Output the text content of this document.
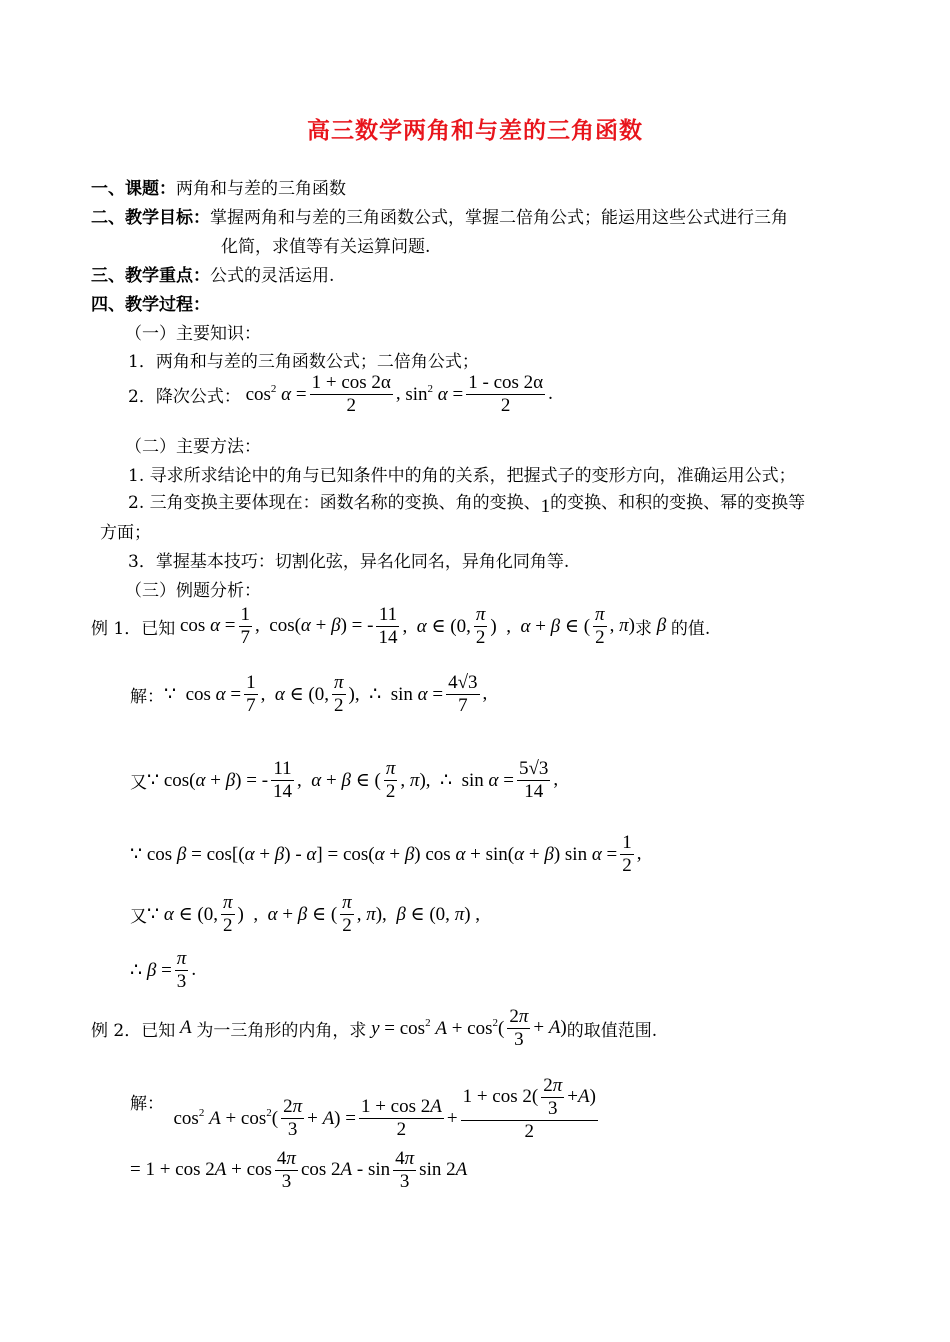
高三数学两角和与差的三角函数
一、课题：两角和与差的三角函数
二、教学目标：掌握两角和与差的三角函数公式，掌握二倍角公式；能运用这些公式进行三角
化简，求值等有关运算问题.
三、教学重点：公式的灵活运用.
四、教学过程：
（一）主要知识：
1．两角和与差的三角函数公式；二倍角公式；
2．降次公式： $\cos^2 \alpha = \frac{1 + \cos 2\alpha}{2}$ , $\sin^2 \alpha = \frac{1 - \cos 2\alpha}{2}$ .
（二）主要方法：
1. 寻求所求结论中的角与已知条件中的角的关系，把握式子的变形方向，准确运用公式；
2. 三角变换主要体现在：函数名称的变换、角的变换、1的变换、和积的变换、幂的变换等
方面；
3．掌握基本技巧：切割化弦，异名化同名，异角化同角等.
（三）例题分析：
例 1．已知 $\cos \alpha = \frac{1}{7}$ ,  cos(α + β) = - $\frac{11}{14}$ ,  α ∈ (0, $\frac{\pi}{2}$ )  ,  α + β ∈ ( $\frac{\pi}{2}$ , π) 求 β 的值.
解： ∵  $\cos \alpha = \frac{1}{7}$ ,  α ∈ (0, $\frac{\pi}{2}$ ),  ∴  $\sin \alpha = \frac{4√3}{7}$ ,
又 ∵ cos(α + β) = - $\frac{11}{14}$ ,  α + β ∈ ( $\frac{\pi}{2}$ , π),  ∴  $\sin \alpha = \frac{5√3}{14}$ ,
∵ cos β = cos[(α + β) - α] = cos(α + β) cos α + sin(α + β) $\sin \alpha = \frac{1}{2}$ ,
又 ∵ α ∈ (0, $\frac{\pi}{2}$ )  ,  α + β ∈ ( $\frac{\pi}{2}$ , π),  β ∈ (0, π) ,
∴ $\beta = \frac{\pi}{3}$ .
例 2．已知 A 为一三角形的内角，求 $y = \cos^2 A + \cos^2( \frac{2\pi}{3} + A)$ 的取值范围.
解：
$\cos^2 A + \cos^2( \frac{2\pi}{3} + A) = \frac{1 + \cos 2A}{2} + \frac{1 + \cos 2( \frac{2\pi}{3} + A )}{2}$
= $1 + \cos 2A + \cos \frac{4\pi}{3}$ $\cos 2A - \sin \frac{4\pi}{3}$ sin 2A
